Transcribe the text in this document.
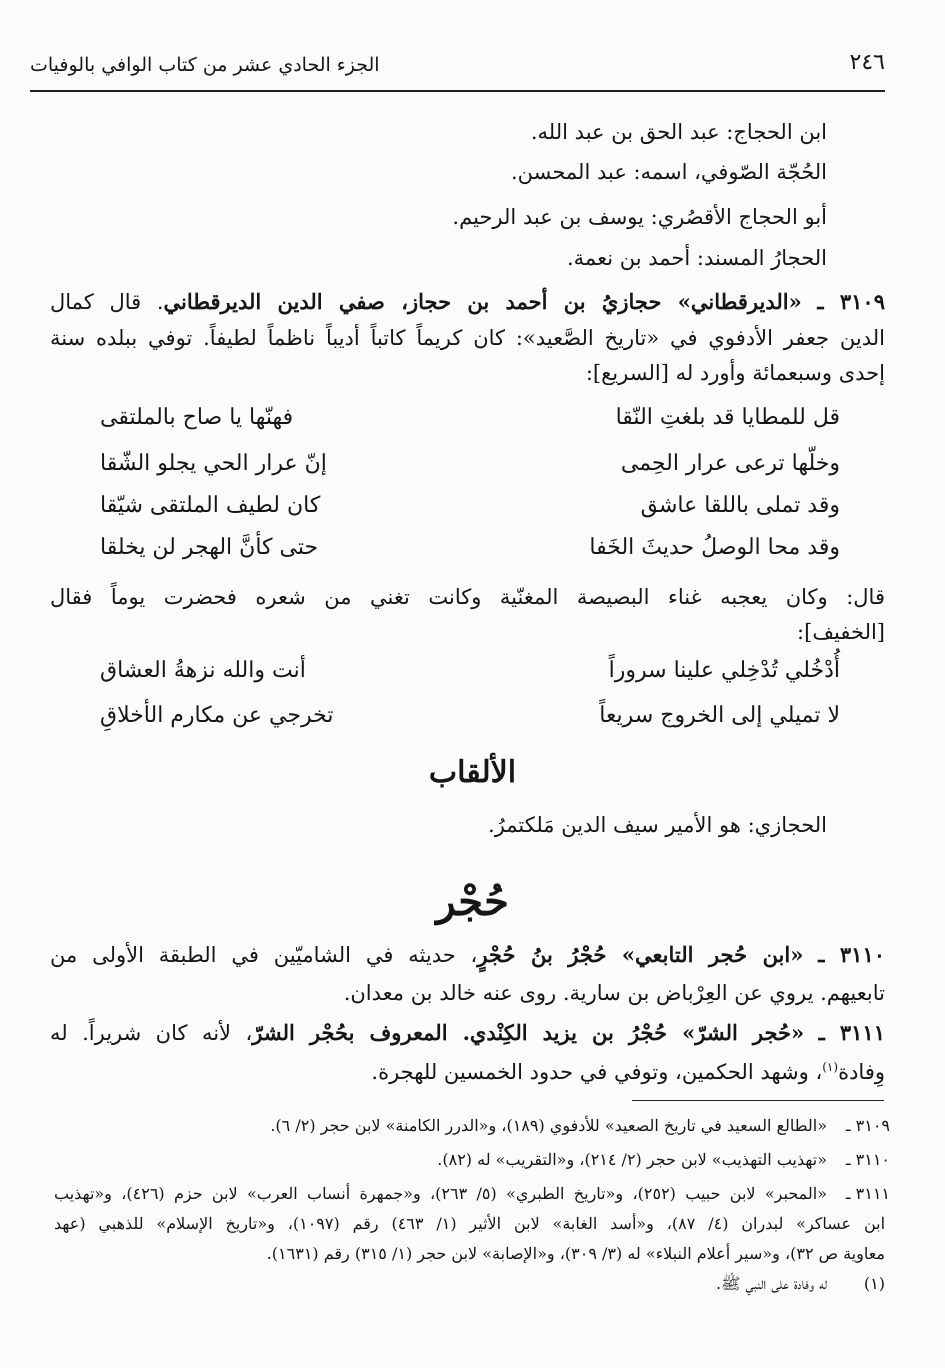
٢٤٦
الجزء الحادي عشر من كتاب الوافي بالوفيات
ابن الحجاج: عبد الحق بن عبد الله.
الحُجّة الصّوفي، اسمه: عبد المحسن.
أبو الحجاج الأقصُري: يوسف بن عبد الرحيم.
الحجارُ المسند: أحمد بن نعمة.
٣١٠٩ ـ «الديرقطاني» حجازيُ بن أحمد بن حجاز، صفي الدين الديرقطاني. قال كمال
الدين جعفر الأدفوي في «تاريخ الصَّعيد»: كان كريماً كاتباً أديباً ناظماً لطيفاً. توفي ببلده سنة
إحدى وسبعمائة وأورد له [السريع]:
قل للمطايا قد بلغتِ النّقا
فهنّها يا صاح بالملتقى
وخلّها ترعى عرار الحِمى
إنّ عرار الحي يجلو الشّقا
وقد تملى باللقا عاشق
كان لطيف الملتقى شيّقا
وقد محا الوصلُ حديثَ الخَفا
حتى كأنَّ الهجر لن يخلقا
قال: وكان يعجبه غناء البصيصة المغنّية وكانت تغني من شعره فحضرت يوماً فقال
[الخفيف]:
أُدْخُلي تُدْخِلي علينا سروراً
أنت والله نزهةُ العشاق
لا تميلي إلى الخروج سريعاً
تخرجي عن مكارم الأخلاقِ
الألقاب
الحجازي: هو الأمير سيف الدين مَلكتمرُ.
حُجْر
٣١١٠ ـ «ابن حُجر التابعي» حُجْرُ بنُ حُجْرٍ، حديثه في الشاميّين في الطبقة الأولى من
تابعيهم. يروي عن العِرْباض بن سارية. روى عنه خالد بن معدان.
٣١١١ ـ «حُجر الشرّ» حُجْرُ بن يزيد الكِنْدي. المعروف بحُجْر الشرّ، لأنه كان شريراً. له
وِفادة$^{(١)}$، وشهد الحكمين، وتوفي في حدود الخمسين للهجرة.
٣١٠٩ ـ
«الطالع السعيد في تاريخ الصعيد» للأدفوي (١٨٩)، و«الدرر الكامنة» لابن حجر (٢/ ٦).
٣١١٠ ـ
«تهذيب التهذيب» لابن حجر (٢/ ٢١٤)، و«التقريب» له (٨٢).
٣١١١ ـ
«المحبر» لابن حبيب (٢٥٢)، و«تاريخ الطبري» (٥/ ٢٦٣)، و«جمهرة أنساب العرب» لابن حزم (٤٢٦)، و«تهذيب
ابن عساكر» لبدران (٤/ ٨٧)، و«أسد الغابة» لابن الأثير (١/ ٤٦٣) رقم (١٠٩٧)، و«تاريخ الإسلام» للذهبي (عهد
معاوية ص ٣٢)، و«سير أعلام النبلاء» له (٣/ ٣٠٩)، و«الإصابة» لابن حجر (١/ ٣١٥) رقم (١٦٣١).
(١)
له وفادة على النبي ﷺ.
